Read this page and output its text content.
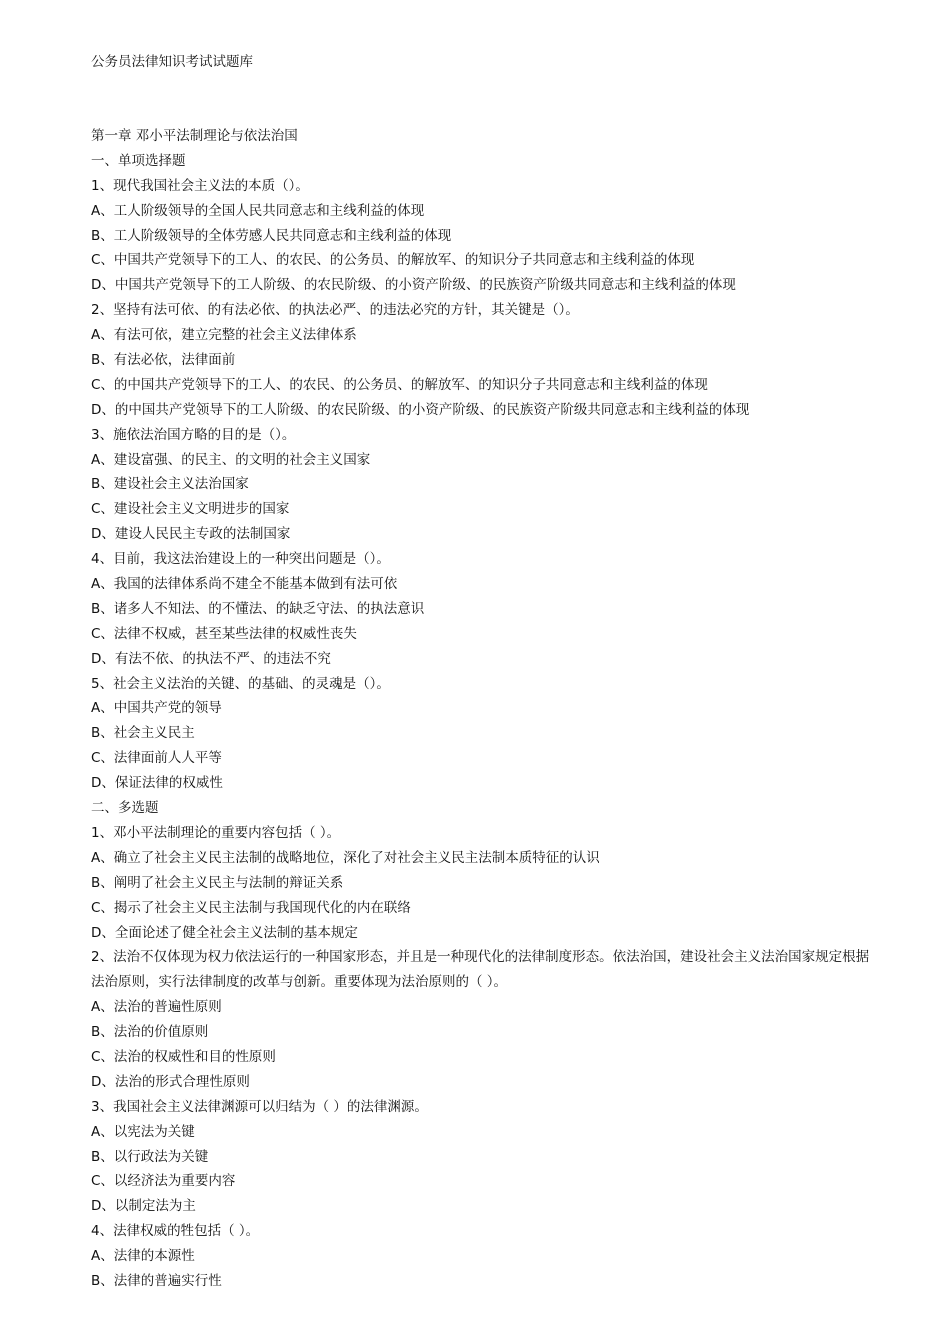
公务员法律知识考试试题库
第一章 邓小平法制理论与依法治国
一、单项选择题
1、现代我国社会主义法的本质（）。
A、工人阶级领导的全国人民共同意志和主线利益的体现
B、工人阶级领导的全体劳感人民共同意志和主线利益的体现
C、中国共产党领导下的工人、的农民、的公务员、的解放军、的知识分子共同意志和主线利益的体现
D、中国共产党领导下的工人阶级、的农民阶级、的小资产阶级、的民族资产阶级共同意志和主线利益的体现
2、坚持有法可依、的有法必依、的执法必严、的违法必究的方针，其关键是（）。
A、有法可依，建立完整的社会主义法律体系
B、有法必依，法律面前
C、的中国共产党领导下的工人、的农民、的公务员、的解放军、的知识分子共同意志和主线利益的体现
D、的中国共产党领导下的工人阶级、的农民阶级、的小资产阶级、的民族资产阶级共同意志和主线利益的体现
3、施依法治国方略的目的是（）。
A、建设富强、的民主、的文明的社会主义国家
B、建设社会主义法治国家
C、建设社会主义文明进步的国家
D、建设人民民主专政的法制国家
4、目前，我这法治建设上的一种突出问题是（）。
A、我国的法律体系尚不建全不能基本做到有法可依
B、诸多人不知法、的不懂法、的缺乏守法、的执法意识
C、法律不权威，甚至某些法律的权威性丧失
D、有法不依、的执法不严、的违法不究
5、社会主义法治的关键、的基础、的灵魂是（）。
A、中国共产党的领导
B、社会主义民主
C、法律面前人人平等
D、保证法律的权威性
二、多选题
1、邓小平法制理论的重要内容包括（ ）。
A、确立了社会主义民主法制的战略地位，深化了对社会主义民主法制本质特征的认识
B、阐明了社会主义民主与法制的辩证关系
C、揭示了社会主义民主法制与我国现代化的内在联络
D、全面论述了健全社会主义法制的基本规定
2、法治不仅体现为权力依法运行的一种国家形态，并且是一种现代化的法律制度形态。依法治国，建设社会主义法治国家规定根据法治原则，实行法律制度的改革与创新。重要体现为法治原则的（ ）。
A、法治的普遍性原则
B、法治的价值原则
C、法治的权威性和目的性原则
D、法治的形式合理性原则
3、我国社会主义法律渊源可以归结为（ ）的法律渊源。
A、以宪法为关键
B、以行政法为关键
C、以经济法为重要内容
D、以制定法为主
4、法律权威的牲包括（ ）。
A、法律的本源性
B、法律的普遍实行性
